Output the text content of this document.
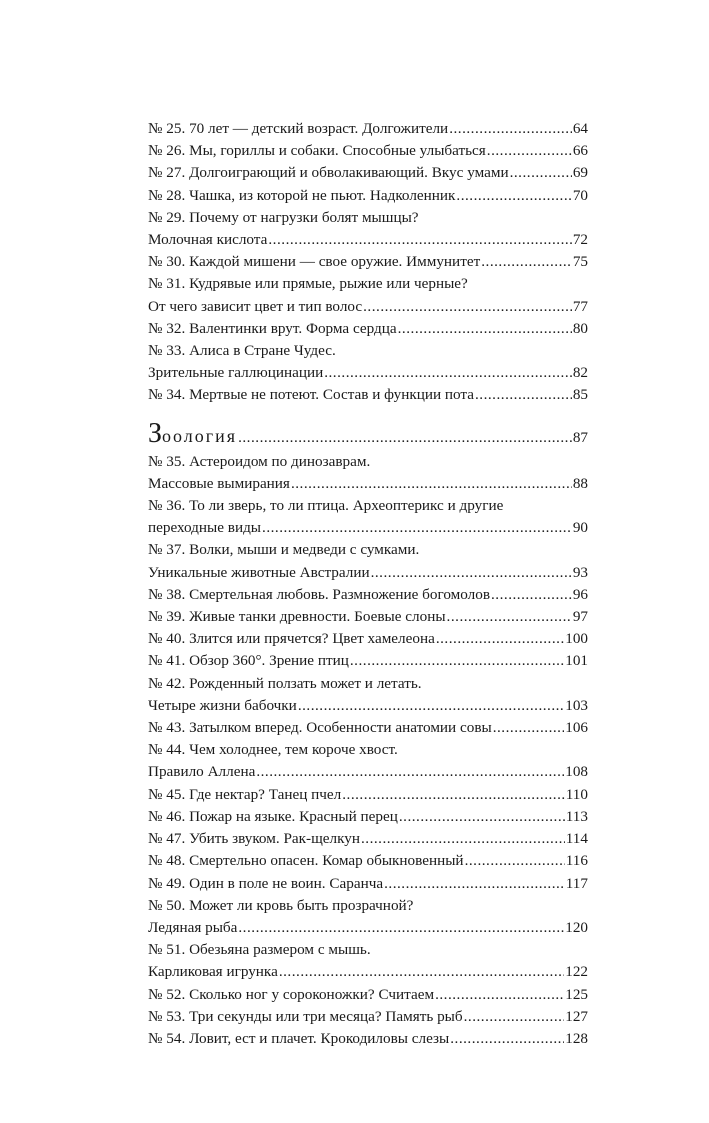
№ 25. 70 лет — детский возраст. Долгожители .....	64
№ 26. Мы, гориллы и собаки. Способные улыбаться .....	66
№ 27. Долгоиграющий и обволакивающий. Вкус умами .....	69
№ 28. Чашка, из которой не пьют. Надколенник .....	70
№ 29. Почему от нагрузки болят мышцы?
Молочная кислота .....	72
№ 30. Каждой мишени — свое оружие. Иммунитет .....	75
№ 31. Кудрявые или прямые, рыжие или черные?
От чего зависит цвет и тип волос .....	77
№ 32. Валентинки врут. Форма сердца .....	80
№ 33. Алиса в Стране Чудес.
Зрительные галлюцинации .....	82
№ 34. Мертвые не потеют. Состав и функции пота .....	85
Зоология .....	87
№ 35. Астероидом по динозаврам.
Массовые вымирания .....	88
№ 36. То ли зверь, то ли птица. Археоптерикс и другие
переходные виды .....	90
№ 37. Волки, мыши и медведи с сумками.
Уникальные животные Австралии .....	93
№ 38. Смертельная любовь. Размножение богомолов .....	96
№ 39. Живые танки древности. Боевые слоны .....	97
№ 40. Злится или прячется? Цвет хамелеона .....	100
№ 41. Обзор 360°. Зрение птиц .....	101
№ 42. Рожденный ползать может и летать.
Четыре жизни бабочки .....	103
№ 43. Затылком вперед. Особенности анатомии совы .....	106
№ 44. Чем холоднее, тем короче хвост.
Правило Аллена .....	108
№ 45. Где нектар? Танец пчел .....	110
№ 46. Пожар на языке. Красный перец .....	113
№ 47. Убить звуком. Рак-щелкун .....	114
№ 48. Смертельно опасен. Комар обыкновенный .....	116
№ 49. Один в поле не воин. Саранча .....	117
№ 50. Может ли кровь быть прозрачной?
Ледяная рыба .....	120
№ 51. Обезьяна размером с мышь.
Карликовая игрунка .....	122
№ 52. Сколько ног у сороконожки? Считаем .....	125
№ 53. Три секунды или три месяца? Память рыб .....	127
№ 54. Ловит, ест и плачет. Крокодиловы слезы .....	128
